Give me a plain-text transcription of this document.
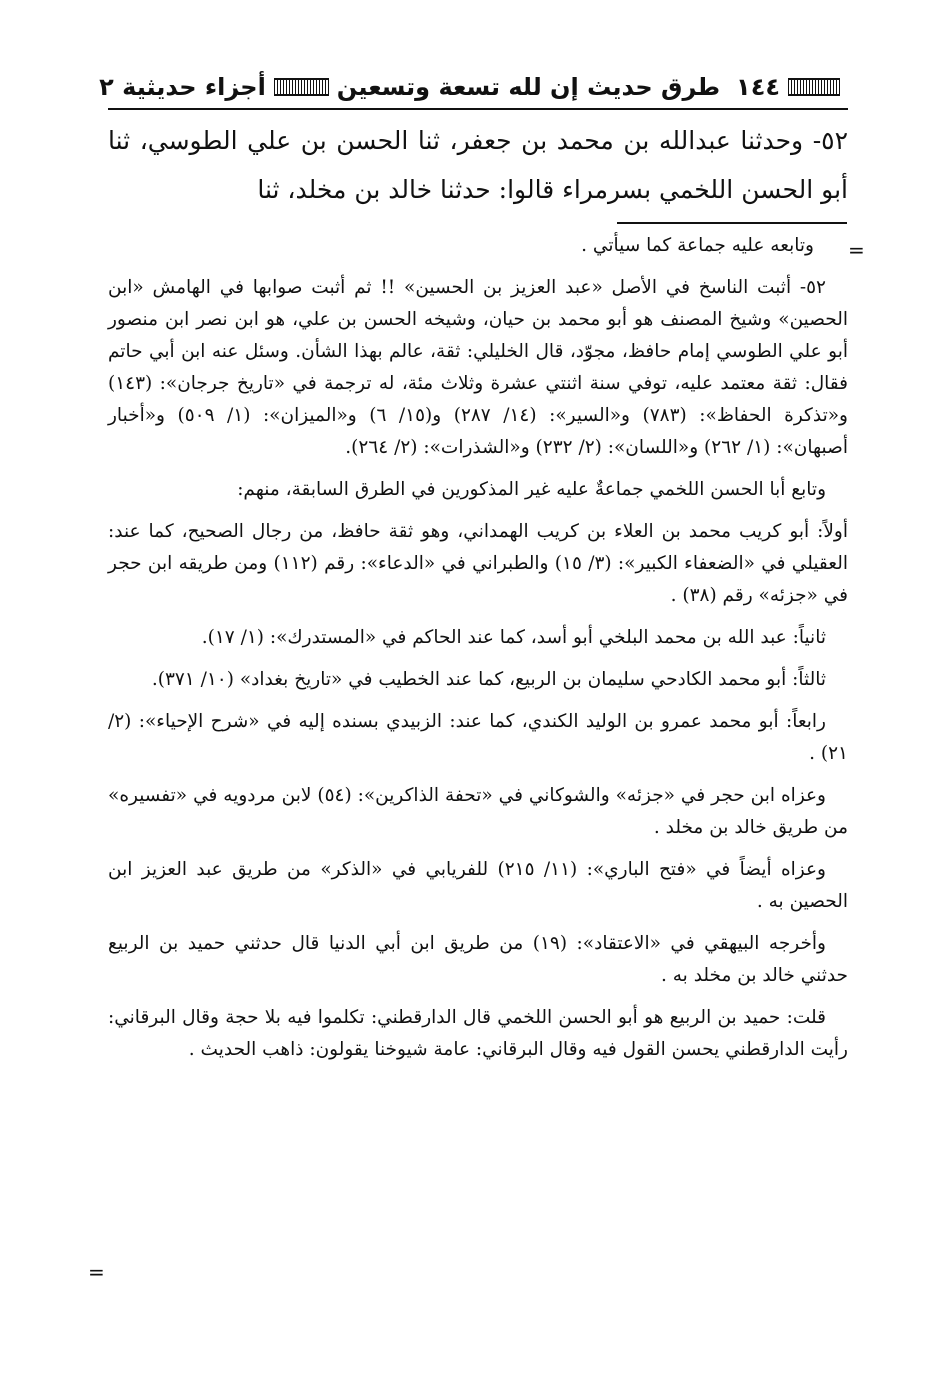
١٤٤
طرق حديث إن لله تسعة وتسعين
أجزاء حديثية ٢
٥٢- وحدثنا عبدالله بن محمد بن جعفر، ثنا الحسن بن علي الطوسي، ثنا أبو الحسن اللخمي بسرمراء قالوا: حدثنا خالد بن مخلد، ثنا
=

وتابعه عليه جماعة كما سيأتي .

٥٢- أثبت الناسخ في الأصل «عبد العزيز بن الحسين» !! ثم أثبت صوابها في الهامش «ابن الحصين» وشيخ المصنف هو أبو محمد بن حيان، وشيخه الحسن بن علي، هو ابن نصر ابن منصور أبو علي الطوسي إمام حافظ، مجوّد، قال الخليلي: ثقة، عالم بهذا الشأن. وسئل عنه ابن أبي حاتم فقال: ثقة معتمد عليه، توفي سنة اثنتي عشرة وثلاث مئة، له ترجمة في «تاريخ جرجان»: (١٤٣) و«تذكرة الحفاظ»: (٧٨٣) و«السير»: (١٤/ ٢٨٧) و(١٥/ ٦) و«الميزان»: (١/ ٥٠٩) و«أخبار أصبهان»: (١/ ٢٦٢) و«اللسان»: (٢/ ٢٣٢) و«الشذرات»: (٢/ ٢٦٤).

وتابع أبا الحسن اللخمي جماعةٌ عليه غير المذكورين في الطرق السابقة، منهم:

أولاً: أبو كريب محمد بن العلاء بن كريب الهمداني، وهو ثقة حافظ، من رجال الصحيح، كما عند: العقيلي في «الضعفاء الكبير»: (٣/ ١٥) والطبراني في «الدعاء»: رقم (١١٢) ومن طريقه ابن حجر في «جزئه» رقم (٣٨) .

ثانياً: عبد الله بن محمد البلخي أبو أسد، كما عند الحاكم في «المستدرك»: (١/ ١٧).

ثالثاً: أبو محمد الكادحي سليمان بن الربيع، كما عند الخطيب في «تاريخ بغداد» (١٠/ ٣٧١).

رابعاً: أبو محمد عمرو بن الوليد الكندي، كما عند: الزبيدي بسنده إليه في «شرح الإحياء»: (٢/ ٢١) .

وعزاه ابن حجر في «جزئه» والشوكاني في «تحفة الذاكرين»: (٥٤) لابن مردويه في «تفسيره» من طريق خالد بن مخلد .

وعزاه أيضاً في «فتح الباري»: (١١/ ٢١٥) للفريابي في «الذكر» من طريق عبد العزيز ابن الحصين به .

وأخرجه البيهقي في «الاعتقاد»: (١٩) من طريق ابن أبي الدنيا قال حدثني حميد بن الربيع حدثني خالد بن مخلد به .

قلت: حميد بن الربيع هو أبو الحسن اللخمي قال الدارقطني: تكلموا فيه بلا حجة وقال البرقاني: رأيت الدارقطني يحسن القول فيه وقال البرقاني: عامة شيوخنا يقولون: ذاهب الحديث .

=
